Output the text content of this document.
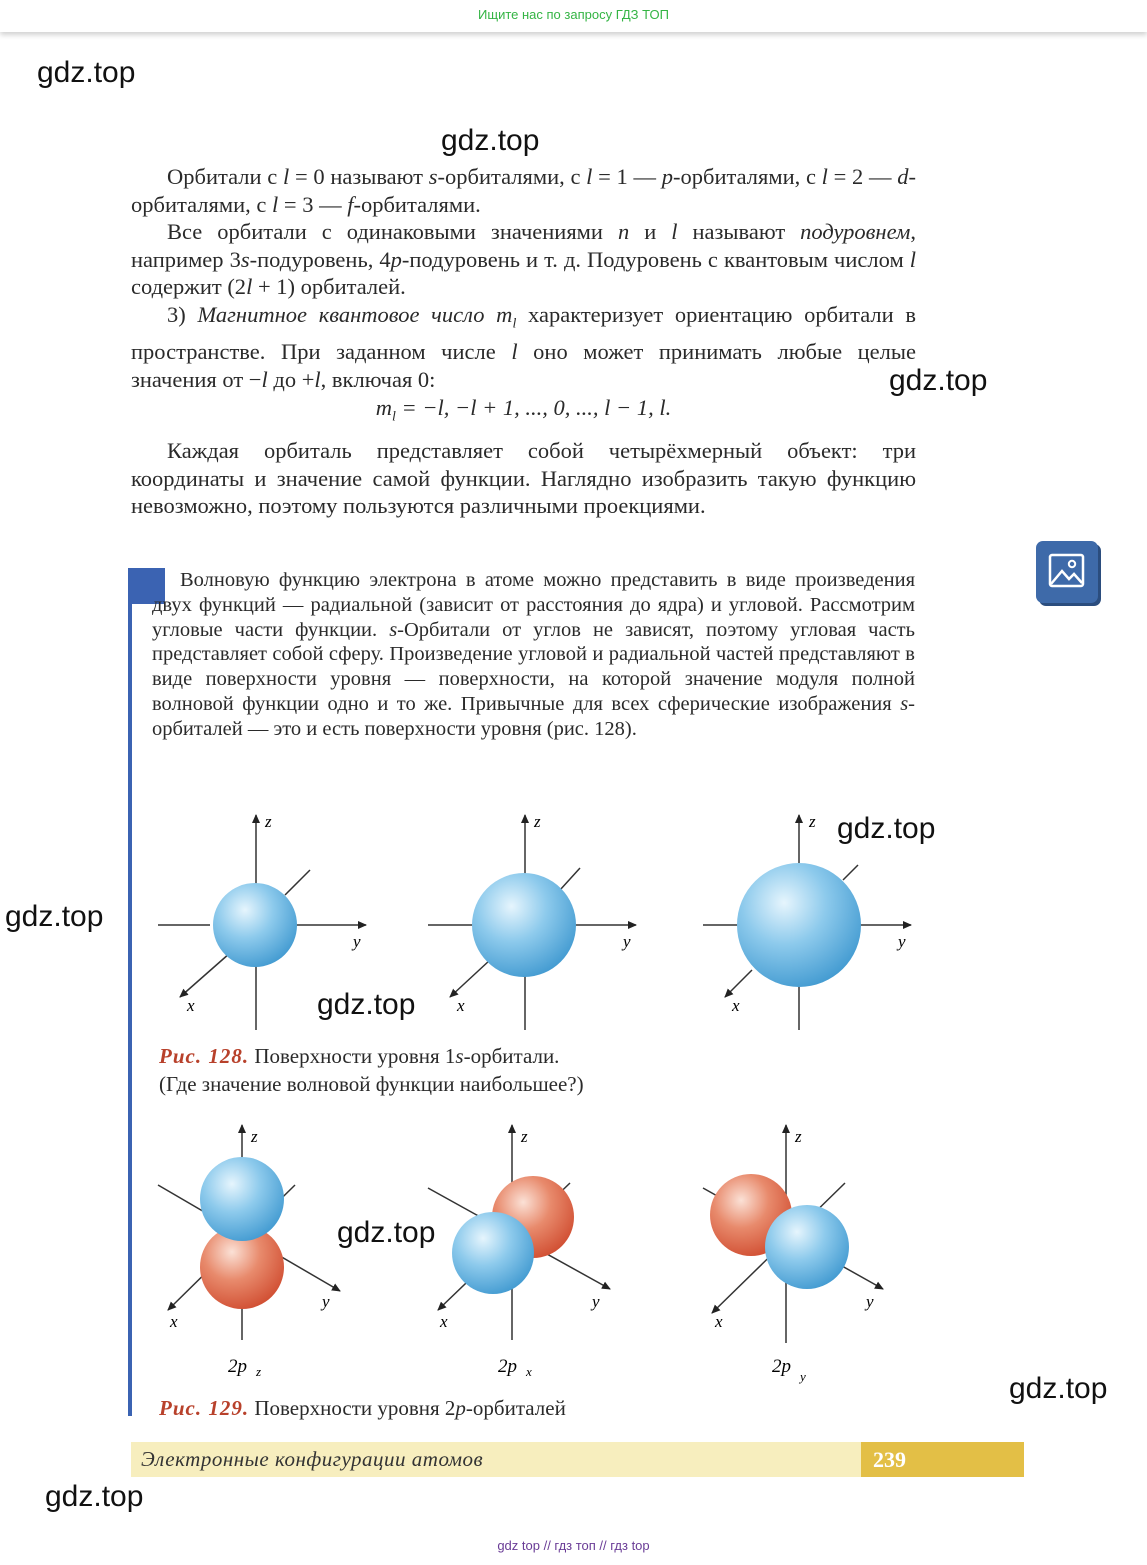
Ищите нас по запросу ГДЗ ТОП

Орбитали с l = 0 называют s-орбиталями, с l = 1 — p-орбиталями, с l = 2 — d-орбиталями, с l = 3 — f-орбиталями.

Все орбитали с одинаковыми значениями n и l называют подуровнем, например 3s-подуровень, 4p-подуровень и т. д. Подуровень с квантовым числом l содержит (2l + 1) орбиталей.

3) Магнитное квантовое число $m_l$ характеризует ориентацию орбитали в пространстве. При заданном числе l оно может принимать любые целые значения от −l до +l, включая 0:

$m_l = -l$, −l + 1, ..., 0, ..., l − 1, l.

Каждая орбиталь представляет собой четырёхмерный объект: три координаты и значение самой функции. Наглядно изобразить такую функцию невозможно, поэтому пользуются различными проекциями.

Волновую функцию электрона в атоме можно представить в виде произведения двух функций — радиальной (зависит от расстояния до ядра) и угловой. Рассмотрим угловые части функции. s-Орбитали от углов не зависят, поэтому угловая часть представляет собой сферу. Произведение угловой и радиальной частей представляют в виде поверхности уровня — поверхности, на которой значение модуля полной волновой функции одно и то же. Привычные для всех сферические изображения s-орбиталей — это и есть поверхности уровня (рис. 128).

z
y
x
z
y
x
z
y
x
z
y
x
2p z
z
y
x
2p x
z
y
x
2p y

Рис. 128. Поверхности уровня 1s-орбитали.
(Где значение волновой функции наибольшее?)

Рис. 129. Поверхности уровня 2p-орбиталей

Электронные конфигурации атомов	239
gdz.top
gdz.top
gdz.top
gdz.top
gdz.top
gdz.top
gdz.top
gdz.top
gdz.top
gdz top // гдз топ // гдз top
